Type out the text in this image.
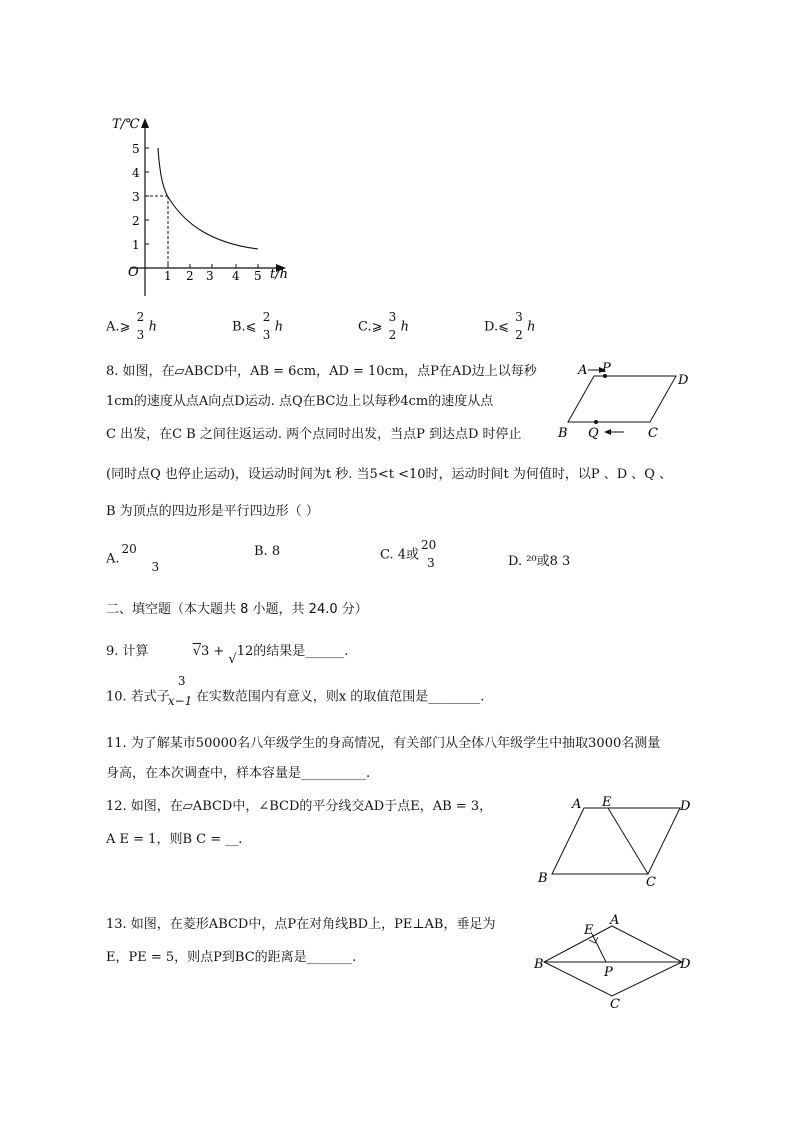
T/℃
t/h
O
5
4
3
2
1
1 2 3 4 5
A.⩾
2
3
h	B.⩽
2
3
h	C.⩾
3
2
h	D.⩽
3
2
h
8. 如图，在▱ABCD中，AB = 6cm，AD = 10cm，点P在AD边上以每秒
1cm的速度从点A向点D运动. 点Q在BC边上以每秒4cm的速度从点
C 出发，在C B 之间往返运动. 两个点同时出发，当点P 到达点D 时停止
(同时点Q 也停止运动)，设运动时间为t 秒. 当5<t <10时，运动时间t 为何值时，以P 、D 、Q 、
B 为顶点的四边形是平行四边形（ ）
A P
D
B Q	C
A.
20
3
B. 8	C. 4或
20
3	D. ²⁰或8 3
二、填空题（本大题共 8 小题，共 24.0 分）
9. 计算	√3 + √12的结果是______.
10. 若式子
3
x−1 在实数范围内有意义，则x 的取值范围是________.
11. 为了解某市50000名八年级学生的身高情况，有关部门从全体八年级学生中抽取3000名测量
身高，在本次调查中，样本容量是__________.
12. 如图，在▱ABCD中，∠BCD的平分线交AD于点E，AB = 3，
A E = 1，则B C = __.
A E	D
B	C
13. 如图，在菱形ABCD中，点P在对角线BD上，PE⊥AB，垂足为
E，PE = 5，则点P到BC的距离是_______.
A
E
B
P
D
C
